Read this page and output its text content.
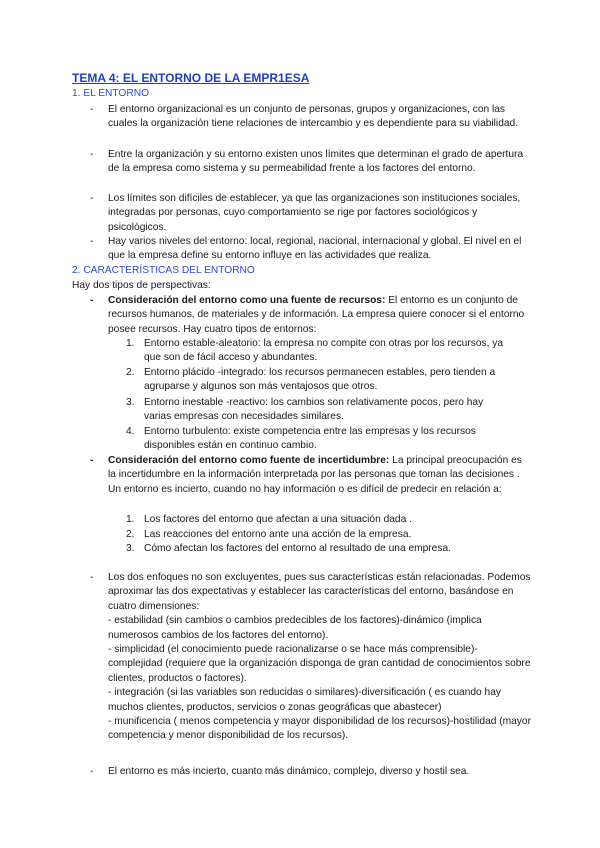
TEMA 4: EL ENTORNO DE LA EMPR1ESA
1. EL ENTORNO
- El entorno organizacional es un conjunto de personas, grupos y organizaciones, con las cuales la organización tiene relaciones de intercambio y es dependiente para su viabilidad.
- Entre la organización y su entorno existen unos límites que determinan el grado de apertura de la empresa como sistema y su permeabilidad frente a los factores del entorno.
- Los límites son difíciles de establecer, ya que las organizaciones son instituciones sociales, integradas por personas, cuyo comportamiento se rige por factores sociológicos y psicológicos.
- Hay varios niveles del entorno: local, regional, nacional, internacional y global. El nivel en el que la empresa define su entorno influye en las actividades que realiza.
2. CARACTERÍSTICAS DEL ENTORNO
Hay dos tipos de perspectivas:
- Consideración del entorno como una fuente de recursos: El entorno es un conjunto de recursos humanos, de materiales y de información. La empresa quiere conocer si el entorno posee recursos. Hay cuatro tipos de entornos:
1. Entorno estable-aleatorio: la empresa no compite con otras por los recursos, ya que son de fácil acceso y abundantes.
2. Entorno plácido -integrado: los recursos permanecen estables, pero tienden a agruparse y algunos son más ventajosos que otros.
3. Entorno inestable -reactivo: los cambios son relativamente pocos, pero hay varias empresas con necesidades similares.
4. Entorno turbulento: existe competencia entre las empresas y los recursos disponibles están en continuo cambio.
- Consideración del entorno como fuente de incertidumbre: La principal preocupación es la incertidumbre en la información interpretada por las personas que toman las decisiones . Un entorno es incierto, cuando no hay información o es difícil de predecir en relación a:
1. Los factores del entorno que afectan a una situación dada .
2. Las reacciones del entorno ante una acción de la empresa.
3. Cómo afectan los factores del entorno al resultado de una empresa.
- Los dos enfoques no son excluyentes, pues sus características están relacionadas. Podemos aproximar las dos expectativas y establecer las características del entorno, basándose en cuatro dimensiones:
- estabilidad (sin cambios o cambios predecibles de los factores)-dinámico (implica numerosos cambios de los factores del entorno).
- simplicidad (el conocimiento puede racionalizarse o se hace más comprensible)-complejidad (requiere que la organización disponga de gran cantidad de conocimientos sobre clientes, productos o factores).
- integración (si las variables son reducidas o similares)-diversificación ( es cuando hay muchos clientes, productos, servicios o zonas geográficas que abastecer)
- munificencia ( menos competencia y mayor disponibilidad de los recursos)-hostilidad (mayor competencia y menor disponibilidad de los recursos).
- El entorno es más incierto, cuanto más dinámico, complejo, diverso y hostil sea.
